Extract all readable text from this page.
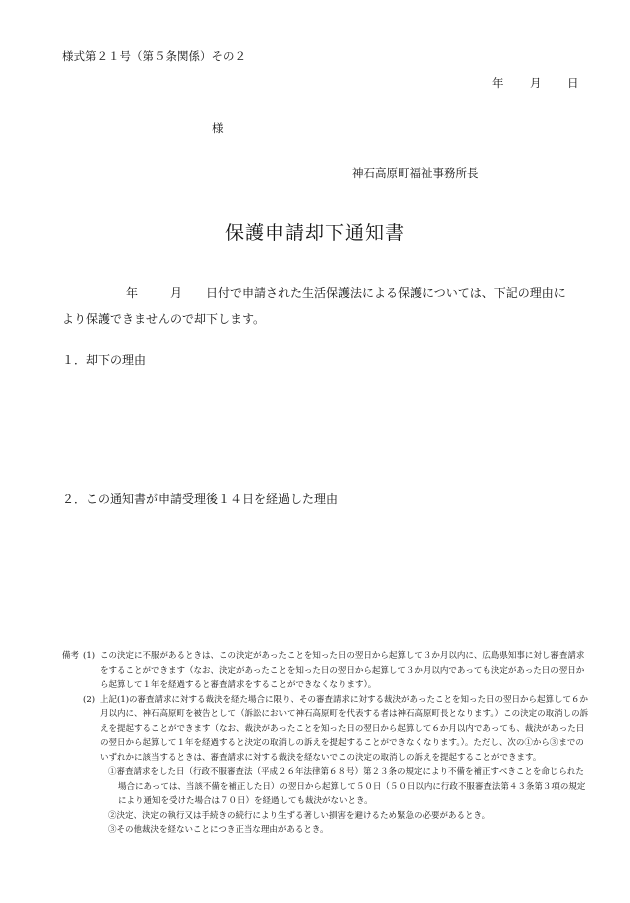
様式第２１号（第５条関係）その２
年 月 日
様
神石高原町福祉事務所長
保護申請却下通知書
年	月 日付で申請された生活保護法による保護については、下記の理由に
より保護できませんので却下します。
１．却下の理由
２．この通知書が申請受理後１４日を経過した理由
備考 (1) この決定に不服があるときは、この決定があったことを知った日の翌日から起算して３か月以内に、広島県知事に対し審査請求をすることができます（なお、決定があったことを知った日の翌日から起算して３か月以内であっても決定があった日の翌日から起算して１年を経過すると審査請求をすることができなくなります）。
(2) 上記(1)の審査請求に対する裁決を経た場合に限り、その審査請求に対する裁決があったことを知った日の翌日から起算して６か月以内に、神石高原町を被告として（訴訟において神石高原町を代表する者は神石高原町長となります。）この決定の取消しの訴えを提起することができます（なお、裁決があったことを知った日の翌日から起算して６か月以内であっても、裁決があった日の翌日から起算して１年を経過すると決定の取消しの訴えを提起することができなくなります。）。ただし、次の①から③までのいずれかに該当するときは、審査請求に対する裁決を経ないでこの決定の取消しの訴えを提起することができます。
①審査請求をした日（行政不服審査法（平成２６年法律第６８号）第２３条の規定により不備を補正すべきことを命じられた場合にあっては、当該不備を補正した日）の翌日から起算して５０日（５０日以内に行政不服審査法第４３条第３項の規定により通知を受けた場合は７０日）を経過しても裁決がないとき。
②決定、決定の執行又は手続きの続行により生ずる著しい損害を避けるため緊急の必要があるとき。
③その他裁決を経ないことにつき正当な理由があるとき。
